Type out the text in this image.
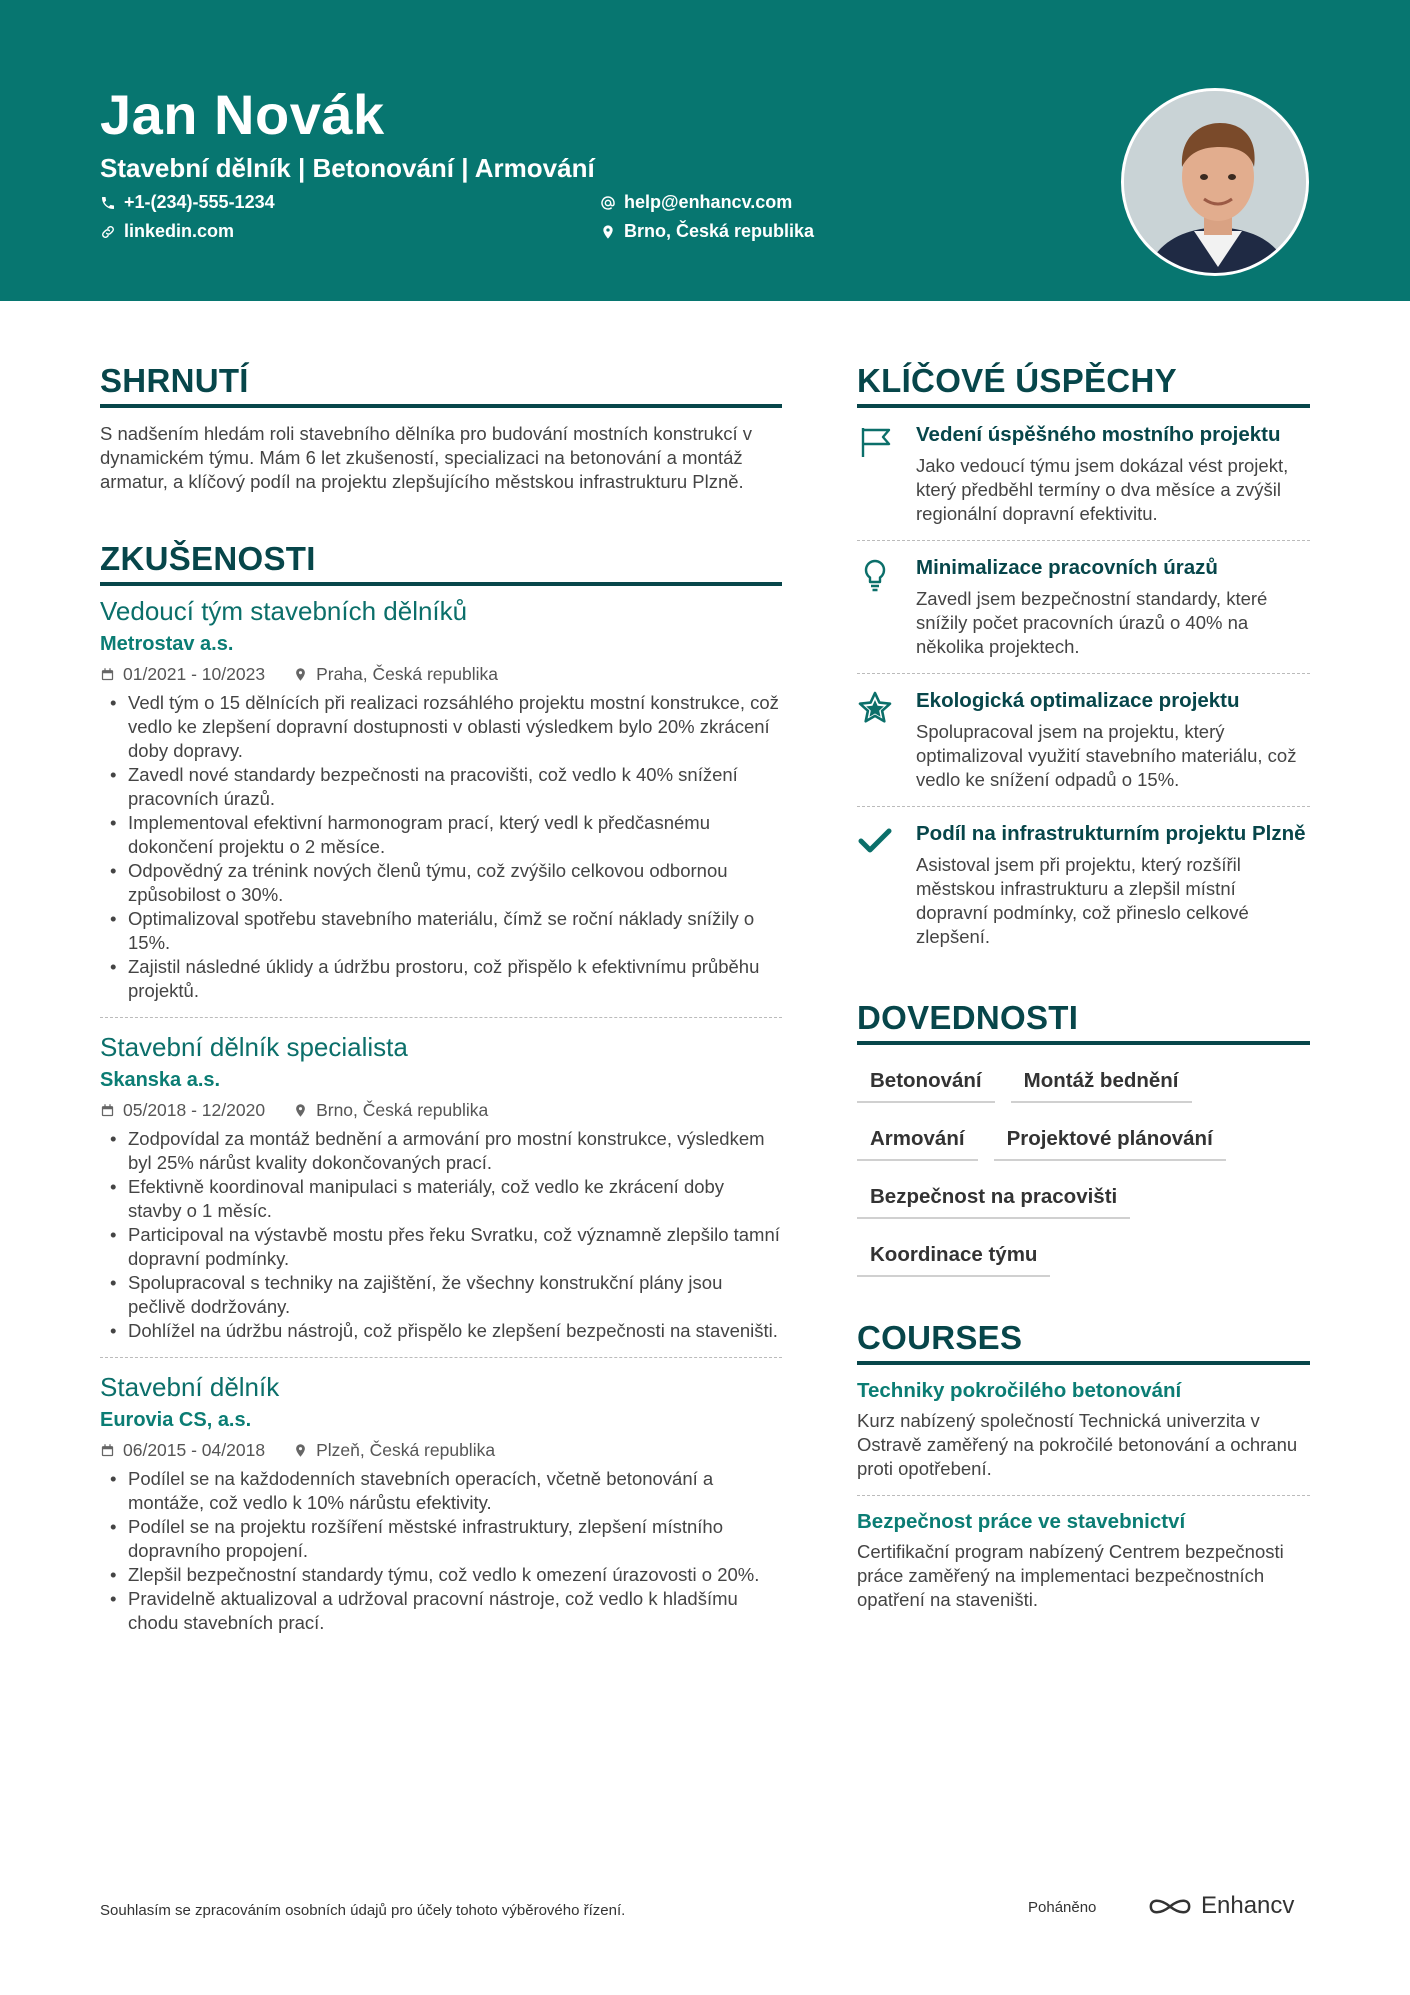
Jan Novák
Stavební dělník | Betonování | Armování
+1-(234)-555-1234	help@enhancv.com
linkedin.com	Brno, Česká republika
SHRNUTÍ
S nadšením hledám roli stavebního dělníka pro budování mostních konstrukcí v dynamickém týmu. Mám 6 let zkušeností, specializaci na betonování a montáž armatur, a klíčový podíl na projektu zlepšujícího městskou infrastrukturu Plzně.
ZKUŠENOSTI
Vedoucí tým stavebních dělníků
Metrostav a.s.
01/2021 - 10/2023	Praha, Česká republika
• Vedl tým o 15 dělnících při realizaci rozsáhlého projektu mostní konstrukce, což vedlo ke zlepšení dopravní dostupnosti v oblasti výsledkem bylo 20% zkrácení doby dopravy.
• Zavedl nové standardy bezpečnosti na pracovišti, což vedlo k 40% snížení pracovních úrazů.
• Implementoval efektivní harmonogram prací, který vedl k předčasnému dokončení projektu o 2 měsíce.
• Odpovědný za trénink nových členů týmu, což zvýšilo celkovou odbornou způsobilost o 30%.
• Optimalizoval spotřebu stavebního materiálu, čímž se roční náklady snížily o 15%.
• Zajistil následné úklidy a údržbu prostoru, což přispělo k efektivnímu průběhu projektů.
Stavební dělník specialista
Skanska a.s.
05/2018 - 12/2020	Brno, Česká republika
• Zodpovídal za montáž bednění a armování pro mostní konstrukce, výsledkem byl 25% nárůst kvality dokončovaných prací.
• Efektivně koordinoval manipulaci s materiály, což vedlo ke zkrácení doby stavby o 1 měsíc.
• Participoval na výstavbě mostu přes řeku Svratku, což významně zlepšilo tamní dopravní podmínky.
• Spolupracoval s techniky na zajištění, že všechny konstrukční plány jsou pečlivě dodržovány.
• Dohlížel na údržbu nástrojů, což přispělo ke zlepšení bezpečnosti na staveništi.
Stavební dělník
Eurovia CS, a.s.
06/2015 - 04/2018	Plzeň, Česká republika
• Podílel se na každodenních stavebních operacích, včetně betonování a montáže, což vedlo k 10% nárůstu efektivity.
• Podílel se na projektu rozšíření městské infrastruktury, zlepšení místního dopravního propojení.
• Zlepšil bezpečnostní standardy týmu, což vedlo k omezení úrazovosti o 20%.
• Pravidelně aktualizoval a udržoval pracovní nástroje, což vedlo k hladšímu chodu stavebních prací.
KLÍČOVÉ ÚSPĚCHY
Vedení úspěšného mostního projektu
Jako vedoucí týmu jsem dokázal vést projekt, který předběhl termíny o dva měsíce a zvýšil regionální dopravní efektivitu.
Minimalizace pracovních úrazů
Zavedl jsem bezpečnostní standardy, které snížily počet pracovních úrazů o 40% na několika projektech.
Ekologická optimalizace projektu
Spolupracoval jsem na projektu, který optimalizoval využití stavebního materiálu, což vedlo ke snížení odpadů o 15%.
Podíl na infrastrukturním projektu Plzně
Asistoval jsem při projektu, který rozšířil městskou infrastrukturu a zlepšil místní dopravní podmínky, což přineslo celkové zlepšení.
DOVEDNOSTI
Betonování	Montáž bednění
Armování	Projektové plánování
Bezpečnost na pracovišti
Koordinace týmu
COURSES
Techniky pokročilého betonování
Kurz nabízený společností Technická univerzita v Ostravě zaměřený na pokročilé betonování a ochranu proti opotřebení.
Bezpečnost práce ve stavebnictví
Certifikační program nabízený Centrem bezpečnosti práce zaměřený na implementaci bezpečnostních opatření na staveništi.
Souhlasím se zpracováním osobních údajů pro účely tohoto výběrového řízení.	Poháněno	Enhancv
